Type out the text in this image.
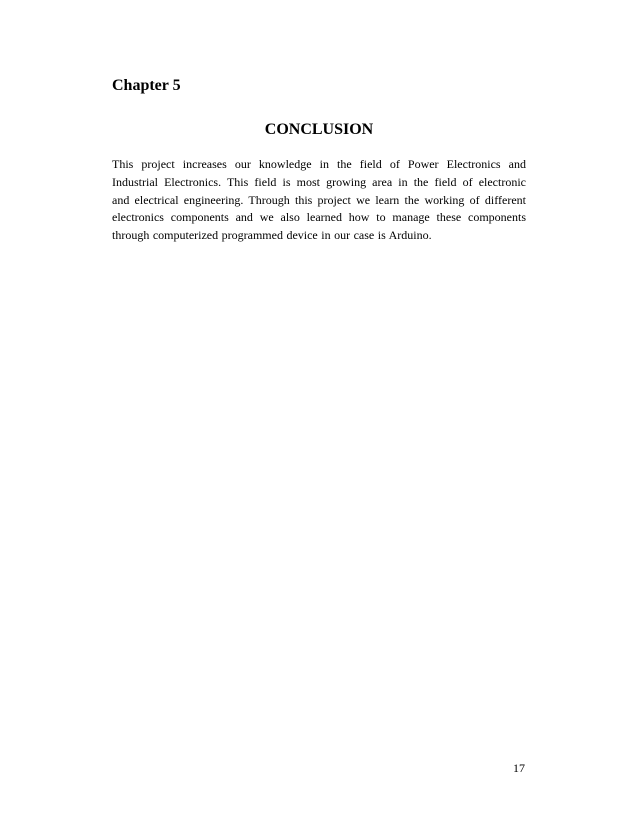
Chapter 5
CONCLUSION
This project increases our knowledge in the field of Power Electronics and
Industrial Electronics. This field is most growing area in the field of electronic
and electrical engineering. Through this project we learn the working of different
electronics components and we also learned how to manage these components
through computerized programmed device in our case is Arduino.
17
